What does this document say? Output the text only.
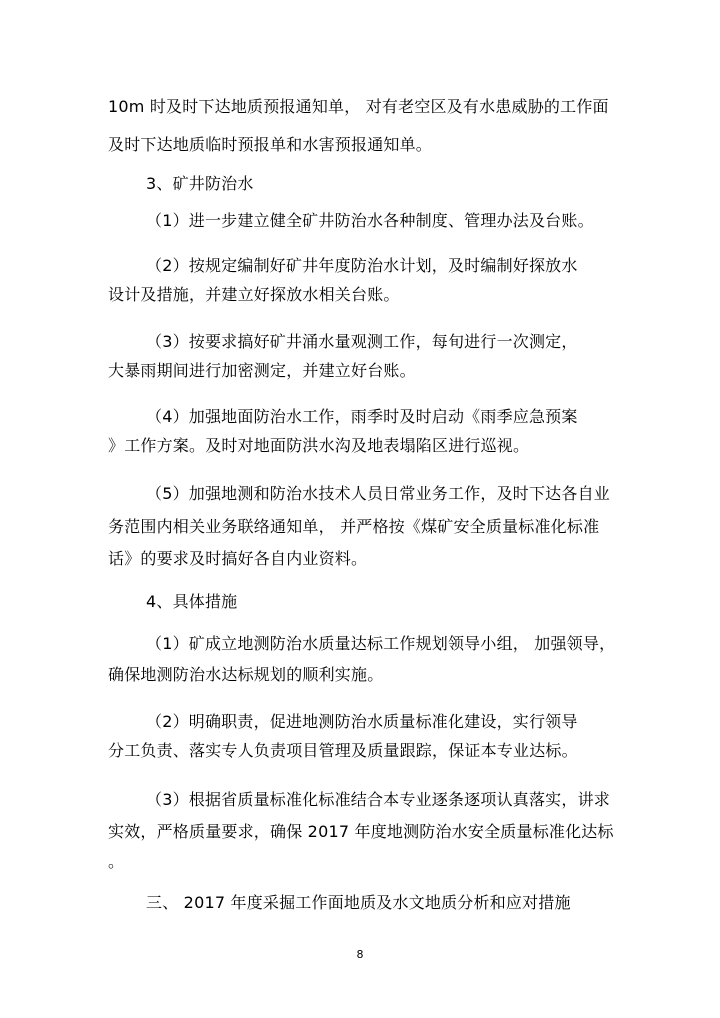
10m 时及时下达地质预报通知单， 对有老空区及有水患威胁的工作面
及时下达地质临时预报单和水害预报通知单。
3、矿井防治水
（1）进一步建立健全矿井防治水各种制度、管理办法及台账。
（2）按规定编制好矿井年度防治水计划，及时编制好探放水
设计及措施，并建立好探放水相关台账。
（3）按要求搞好矿井涌水量观测工作，每旬进行一次测定，
大暴雨期间进行加密测定，并建立好台账。
（4）加强地面防治水工作，雨季时及时启动《雨季应急预案
》工作方案。及时对地面防洪水沟及地表塌陷区进行巡视。
（5）加强地测和防治水技术人员日常业务工作，及时下达各自业
务范围内相关业务联络通知单， 并严格按《煤矿安全质量标准化标准
话》的要求及时搞好各自内业资料。
4、具体措施
（1）矿成立地测防治水质量达标工作规划领导小组， 加强领导，
确保地测防治水达标规划的顺利实施。
（2）明确职责，促进地测防治水质量标准化建设，实行领导
分工负责、落实专人负责项目管理及质量跟踪，保证本专业达标。
（3）根据省质量标准化标准结合本专业逐条逐项认真落实，讲求
实效，严格质量要求，确保 2017 年度地测防治水安全质量标准化达标
。
三、 2017 年度采掘工作面地质及水文地质分析和应对措施
8
